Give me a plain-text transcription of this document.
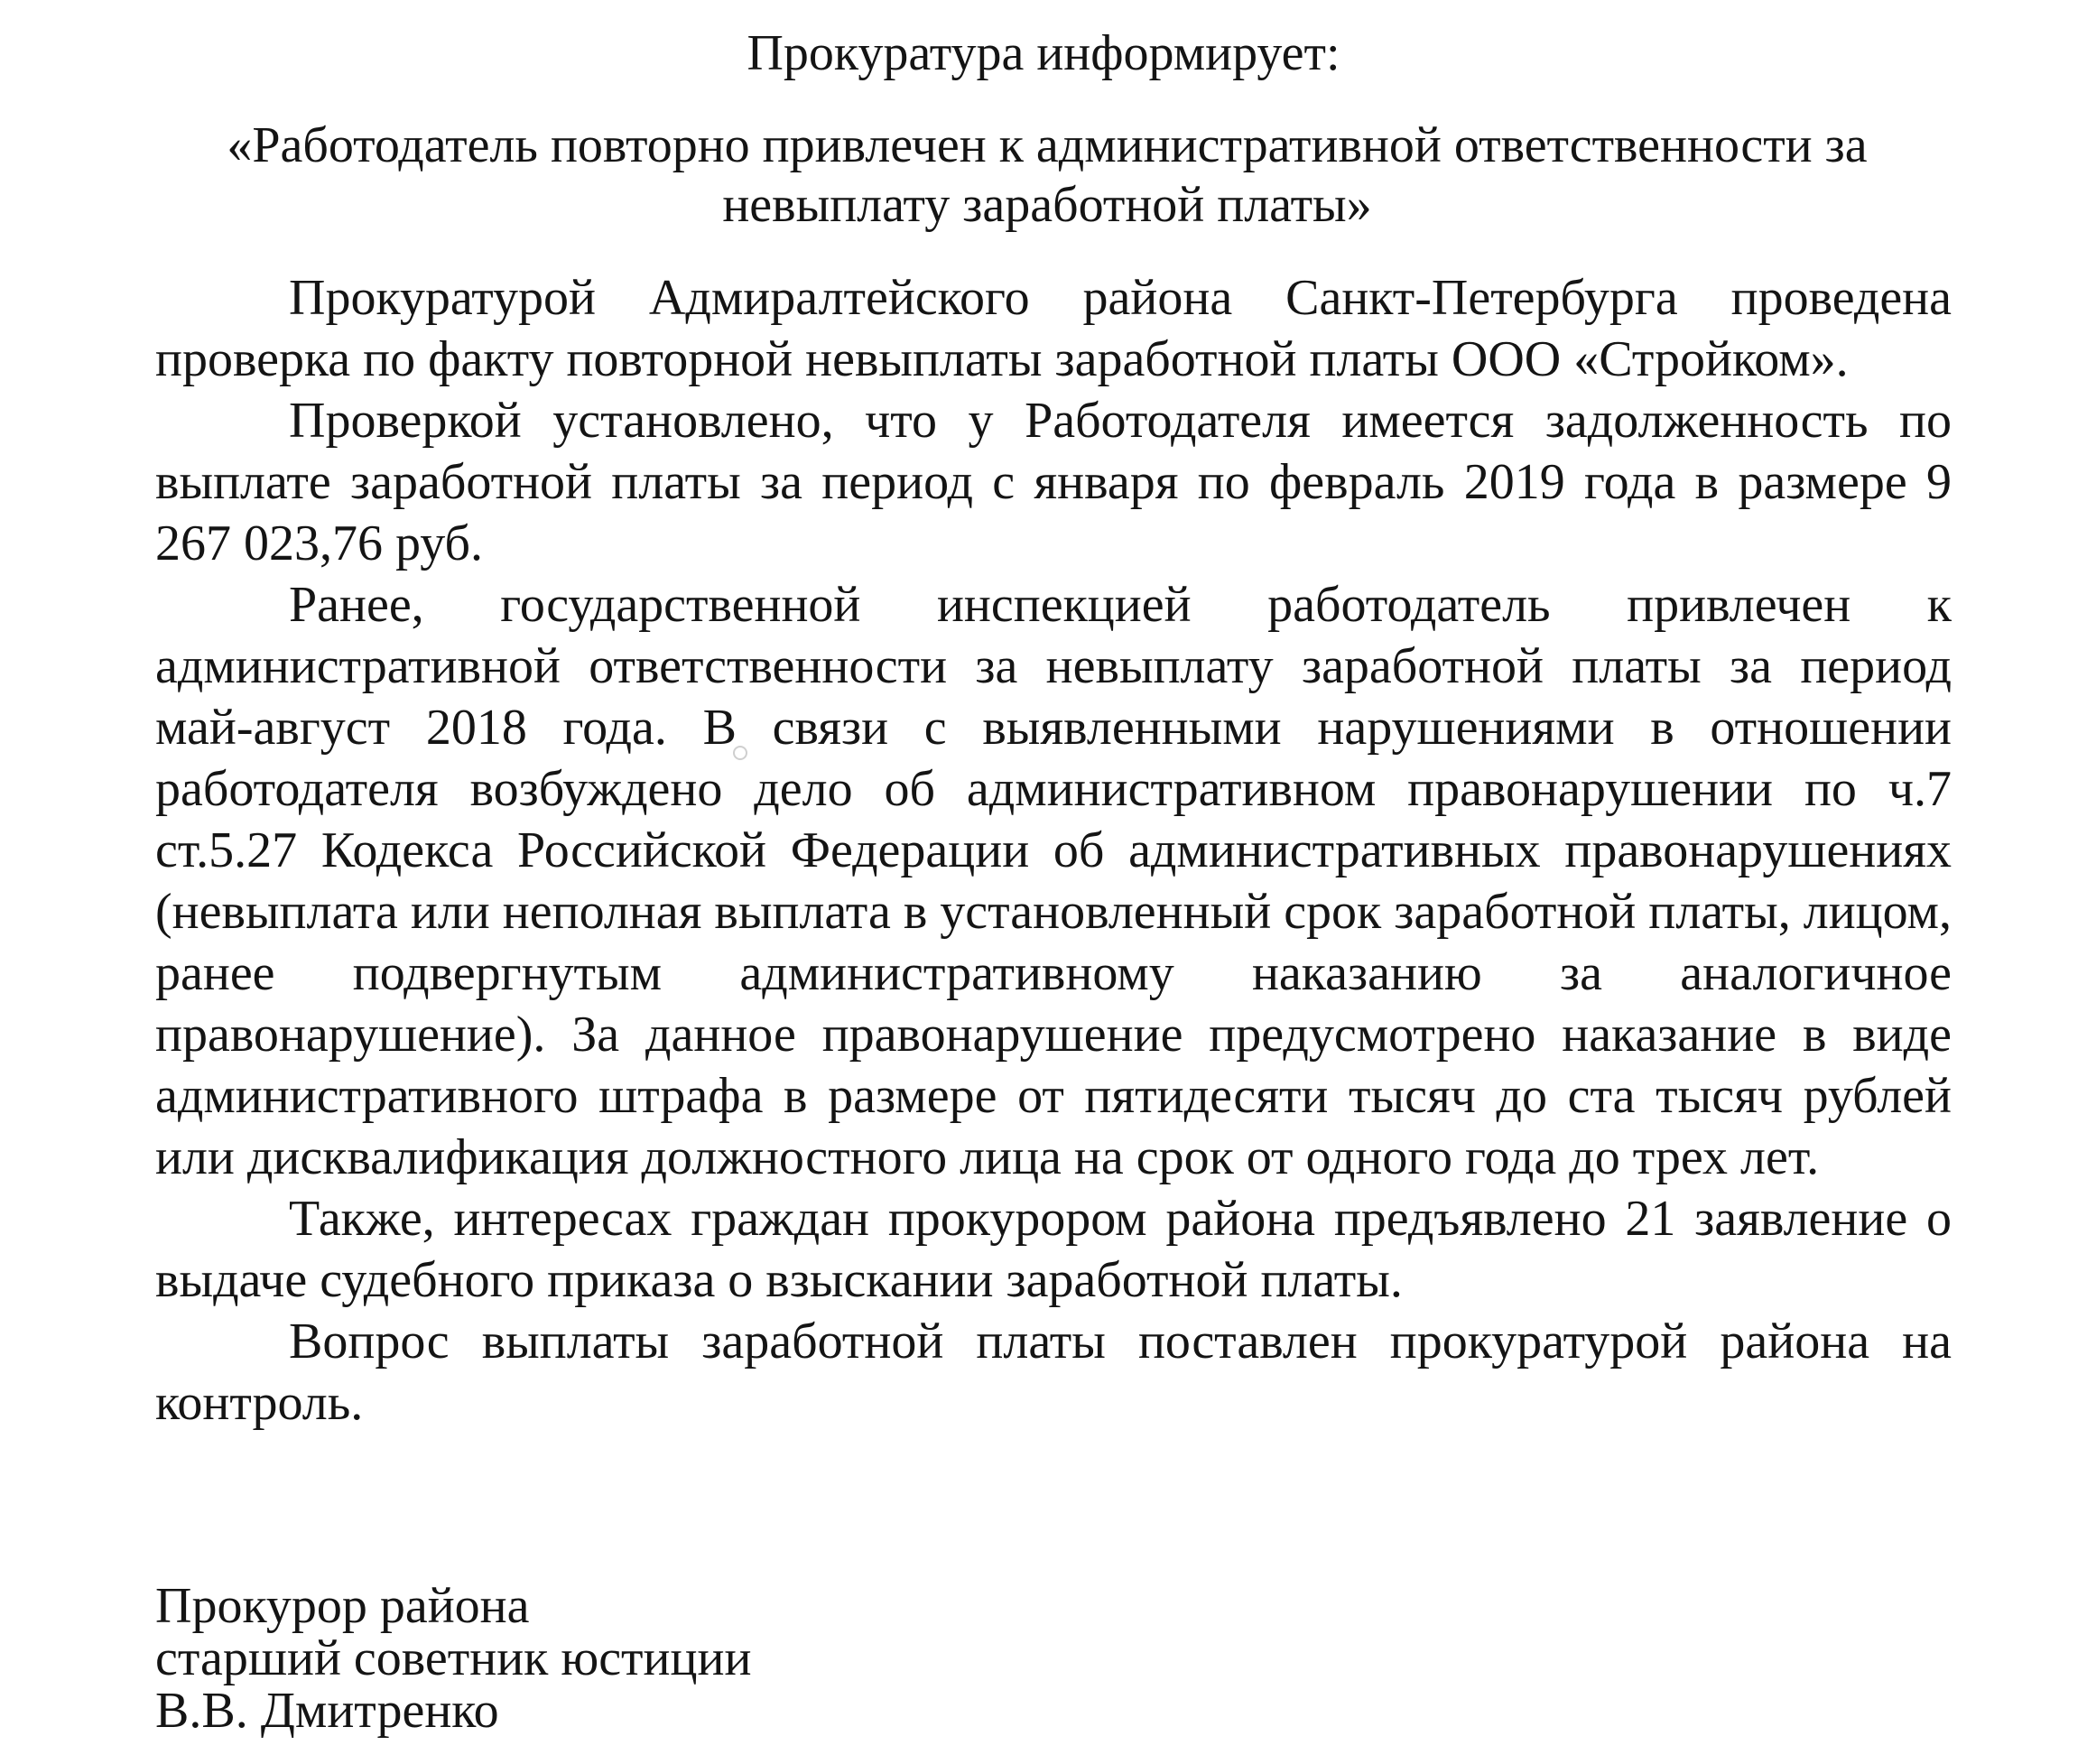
Прокуратура информирует:
«Работодатель повторно привлечен к административной ответственности за невыплату заработной платы»

Прокуратурой Адмиралтейского района Санкт-Петербурга проведена проверка по факту повторной невыплаты заработной платы ООО «Стройком».

Проверкой установлено, что у Работодателя имеется задолженность по выплате заработной платы за период с января по февраль 2019 года в размере 9 267 023,76 руб.

Ранее, государственной инспекцией работодатель привлечен к административной ответственности за невыплату заработной платы за период май-август 2018 года. В связи с выявленными нарушениями в отношении работодателя возбуждено дело об административном правонарушении по ч.7 ст.5.27 Кодекса Российской Федерации об административных правонарушениях (невыплата или неполная выплата в установленный срок заработной платы, лицом, ранее подвергнутым административному наказанию за аналогичное правонарушение). За данное правонарушение предусмотрено наказание в виде административного штрафа в размере от пятидесяти тысяч до ста тысяч рублей или дисквалификация должностного лица на срок от одного года до трех лет.

Также, интересах граждан прокурором района предъявлено 21 заявление о выдаче судебного приказа о взыскании заработной платы.

Вопрос выплаты заработной платы поставлен прокуратурой района на контроль.

Прокурор района
старший советник юстиции
В.В. Дмитренко
